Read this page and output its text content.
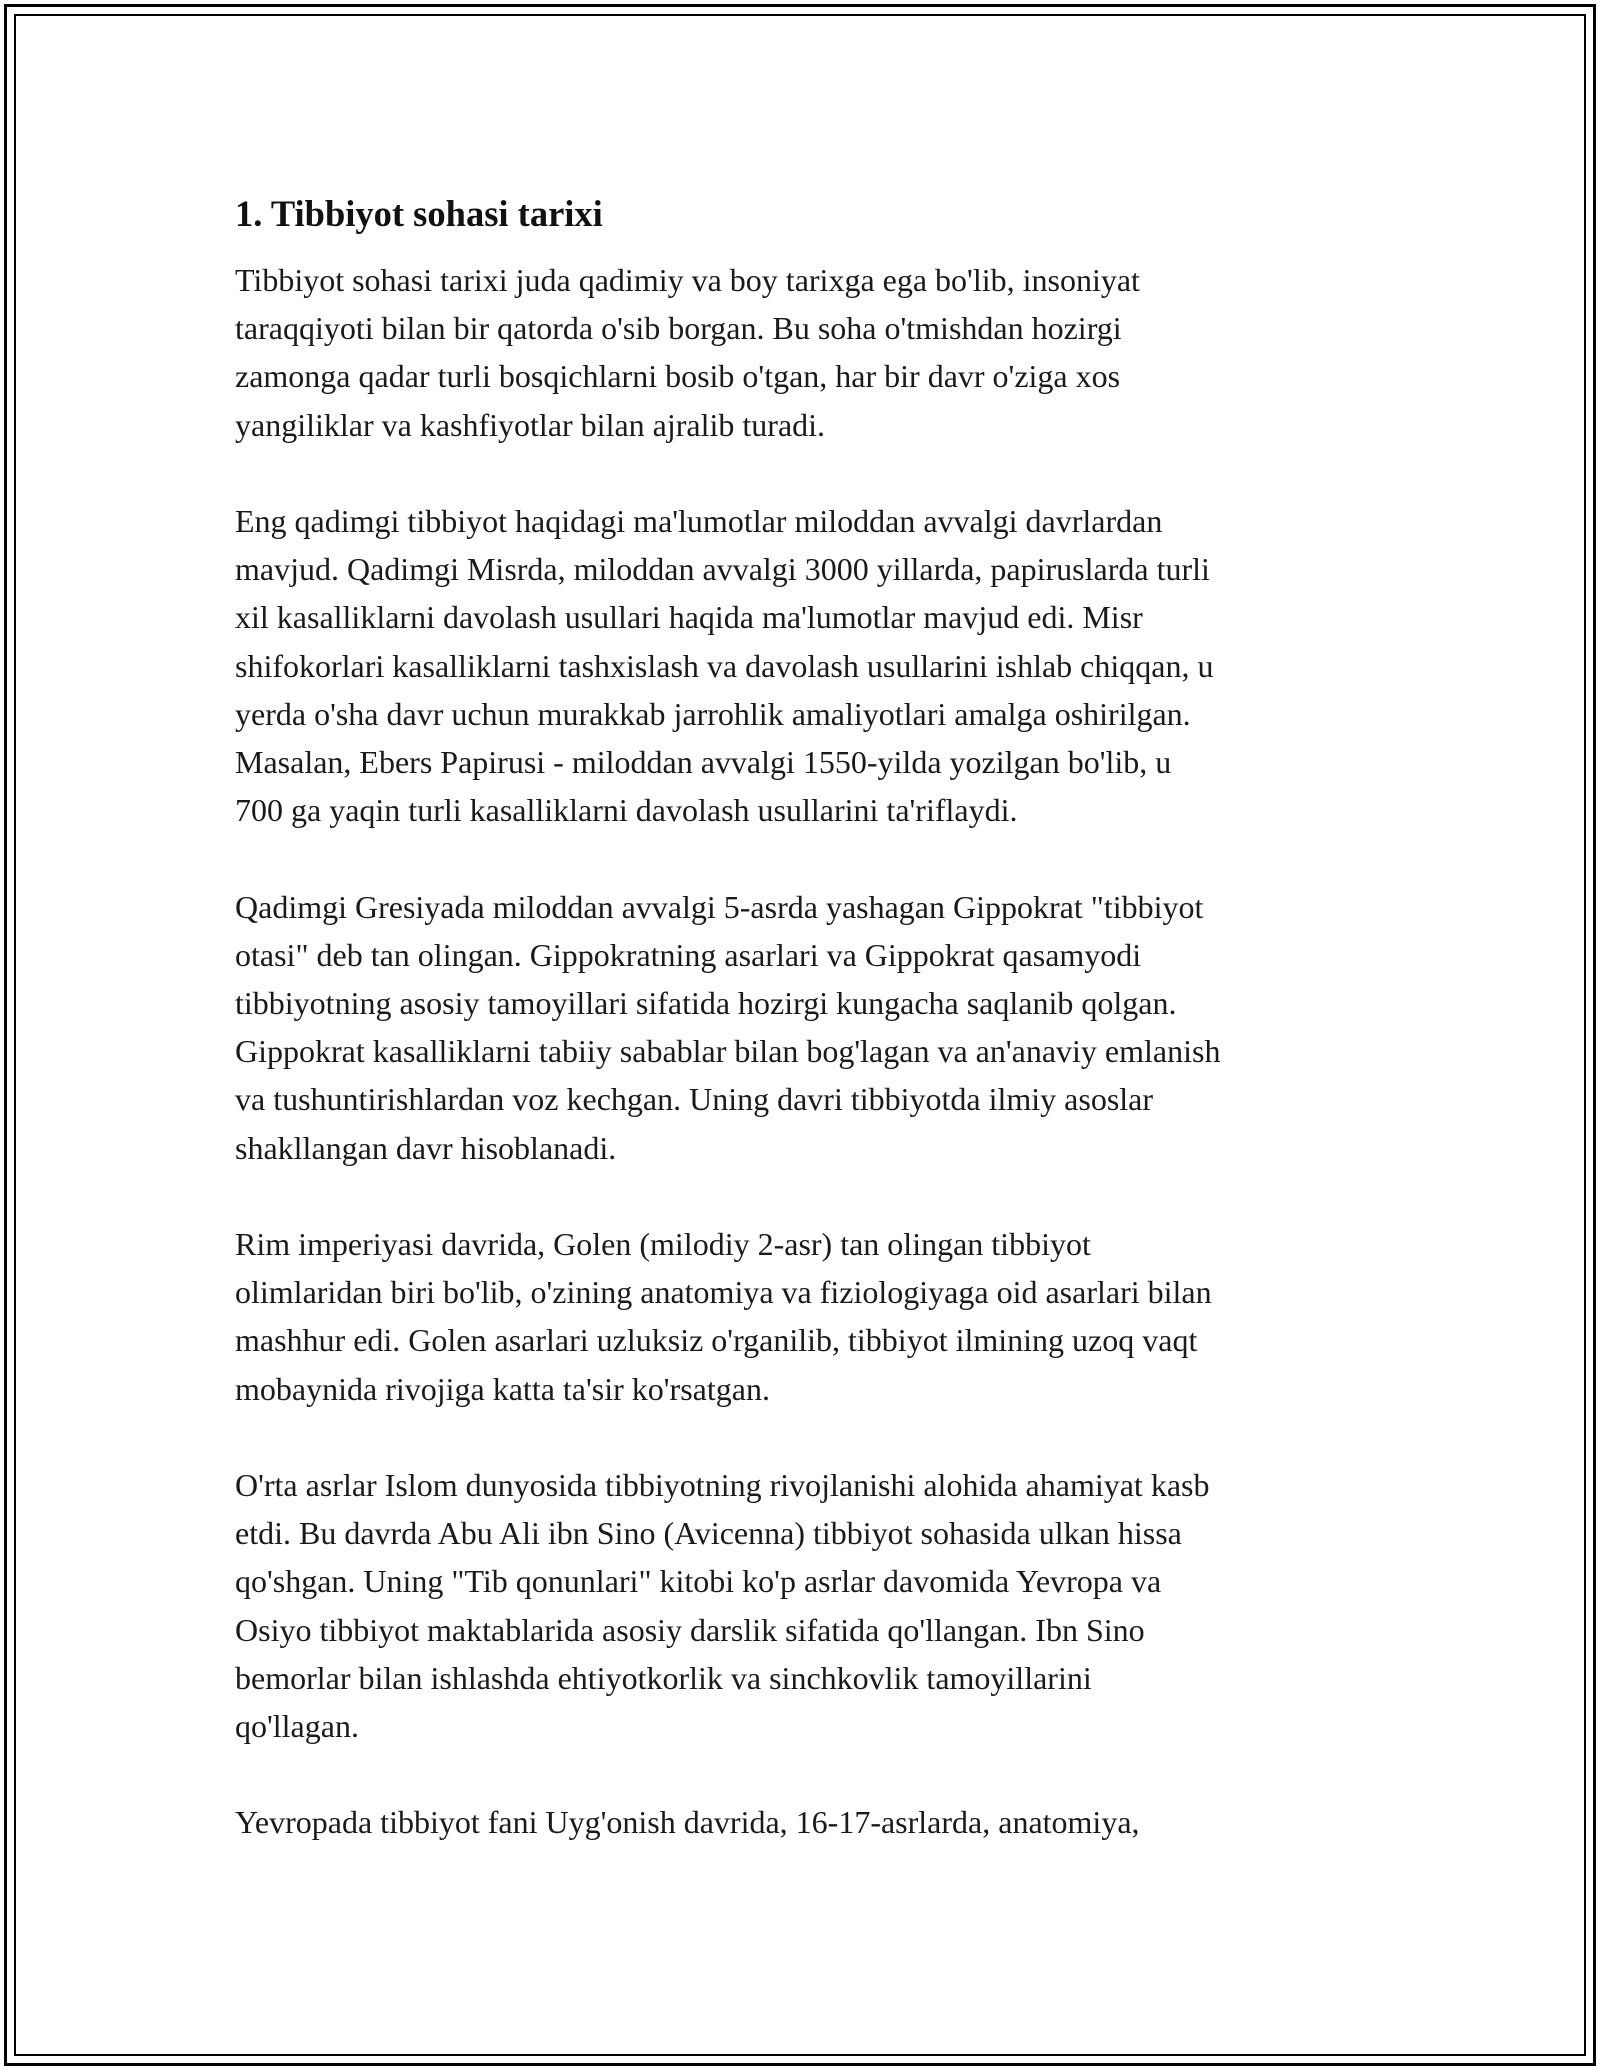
1. Tibbiyot sohasi tarixi
Tibbiyot sohasi tarixi juda qadimiy va boy tarixga ega bo'lib, insoniyat
taraqqiyoti bilan bir qatorda o'sib borgan. Bu soha o'tmishdan hozirgi
zamonga qadar turli bosqichlarni bosib o'tgan, har bir davr o'ziga xos
yangiliklar va kashfiyotlar bilan ajralib turadi.
Eng qadimgi tibbiyot haqidagi ma'lumotlar miloddan avvalgi davrlardan
mavjud. Qadimgi Misrda, miloddan avvalgi 3000 yillarda, papiruslarda turli
xil kasalliklarni davolash usullari haqida ma'lumotlar mavjud edi. Misr
shifokorlari kasalliklarni tashxislash va davolash usullarini ishlab chiqqan, u
yerda o'sha davr uchun murakkab jarrohlik amaliyotlari amalga oshirilgan.
Masalan, Ebers Papirusi - miloddan avvalgi 1550-yilda yozilgan bo'lib, u
700 ga yaqin turli kasalliklarni davolash usullarini ta'riflaydi.
Qadimgi Gresiyada miloddan avvalgi 5-asrda yashagan Gippokrat "tibbiyot
otasi" deb tan olingan. Gippokratning asarlari va Gippokrat qasamyodi
tibbiyotning asosiy tamoyillari sifatida hozirgi kungacha saqlanib qolgan.
Gippokrat kasalliklarni tabiiy sabablar bilan bog'lagan va an'anaviy emlanish
va tushuntirishlardan voz kechgan. Uning davri tibbiyotda ilmiy asoslar
shakllangan davr hisoblanadi.
Rim imperiyasi davrida, Golen (milodiy 2-asr) tan olingan tibbiyot
olimlaridan biri bo'lib, o'zining anatomiya va fiziologiyaga oid asarlari bilan
mashhur edi. Golen asarlari uzluksiz o'rganilib, tibbiyot ilmining uzoq vaqt
mobaynida rivojiga katta ta'sir ko'rsatgan.
O'rta asrlar Islom dunyosida tibbiyotning rivojlanishi alohida ahamiyat kasb
etdi. Bu davrda Abu Ali ibn Sino (Avicenna) tibbiyot sohasida ulkan hissa
qo'shgan. Uning "Tib qonunlari" kitobi ko'p asrlar davomida Yevropa va
Osiyo tibbiyot maktablarida asosiy darslik sifatida qo'llangan. Ibn Sino
bemorlar bilan ishlashda ehtiyotkorlik va sinchkovlik tamoyillarini
qo'llagan.
Yevropada tibbiyot fani Uyg'onish davrida, 16-17-asrlarda, anatomiya,
